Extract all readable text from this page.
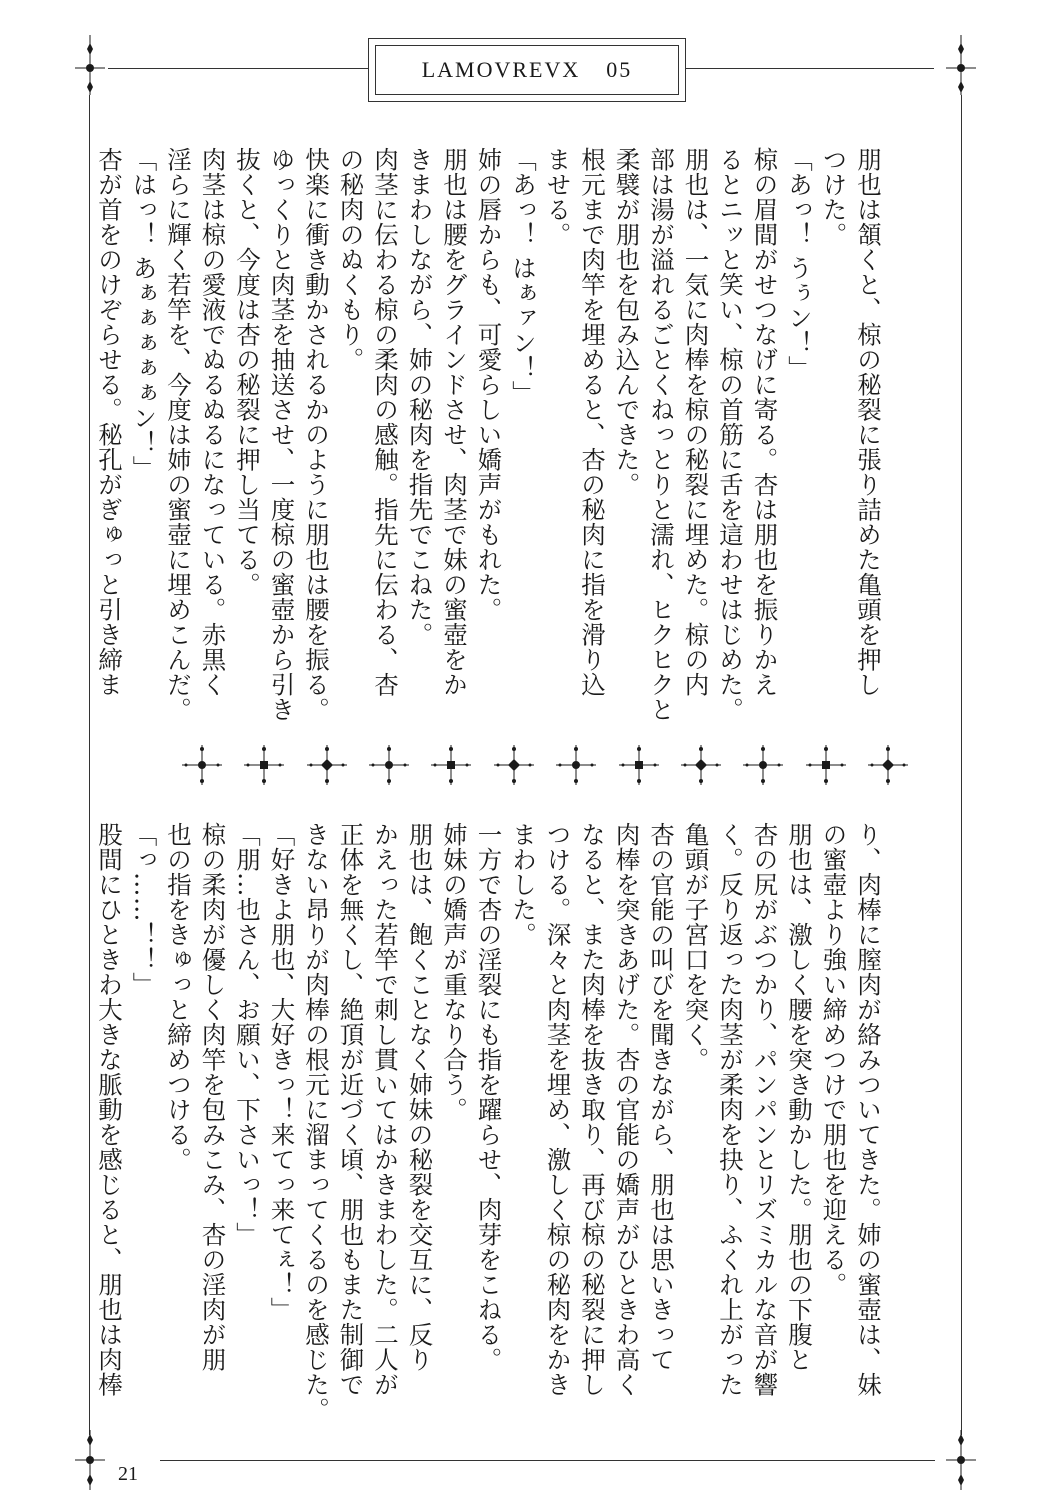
LAMOVREVX 05
朋也は頷くと、椋の秘裂に張り詰めた亀頭を押し
つけた。
「あっ！ うぅン！」
椋の眉間がせつなげに寄る。杏は朋也を振りかえ
るとニッと笑い、椋の首筋に舌を這わせはじめた。
朋也は、一気に肉棒を椋の秘裂に埋めた。椋の内
部は湯が溢れるごとくねっとりと濡れ、ヒクヒクと
柔襞が朋也を包み込んできた。
根元まで肉竿を埋めると、杏の秘肉に指を滑り込
ませる。
「あっ！ はぁァン！」
姉の唇からも、可愛らしい嬌声がもれた。
朋也は腰をグラインドさせ、肉茎で妹の蜜壺をか
きまわしながら、姉の秘肉を指先でこねた。
肉茎に伝わる椋の柔肉の感触。指先に伝わる、杏
の秘肉のぬくもり。
快楽に衝き動かされるかのように朋也は腰を振る。
ゆっくりと肉茎を抽送させ、一度椋の蜜壺から引き
抜くと、今度は杏の秘裂に押し当てる。
肉茎は椋の愛液でぬるぬるになっている。赤黒く
淫らに輝く若竿を、今度は姉の蜜壺に埋めこんだ。
「はっ！ あぁぁぁぁぁン！」
杏が首をのけぞらせる。秘孔がぎゅっと引き締ま
り、肉棒に膣肉が絡みついてきた。姉の蜜壺は、妹
の蜜壺より強い締めつけで朋也を迎える。
朋也は、激しく腰を突き動かした。朋也の下腹と
杏の尻がぶつかり、パンパンとリズミカルな音が響
く。反り返った肉茎が柔肉を抉り、ふくれ上がった
亀頭が子宮口を突く。
杏の官能の叫びを聞きながら、朋也は思いきって
肉棒を突きあげた。杏の官能の嬌声がひときわ高く
なると、また肉棒を抜き取り、再び椋の秘裂に押し
つける。深々と肉茎を埋め、激しく椋の秘肉をかき
まわした。
一方で杏の淫裂にも指を躍らせ、肉芽をこねる。
姉妹の嬌声が重なり合う。
朋也は、飽くことなく姉妹の秘裂を交互に、反り
かえった若竿で刺し貫いてはかきまわした。二人が
正体を無くし、絶頂が近づく頃、朋也もまた制御で
きない昂りが肉棒の根元に溜まってくるのを感じた。
「好きよ朋也、大好きっ！来てっ来てぇ！」
「朋…也さん、お願い、下さいっ！」
椋の柔肉が優しく肉竿を包みこみ、杏の淫肉が朋
也の指をきゅっと締めつける。
「っ……！！」
股間にひときわ大きな脈動を感じると、朋也は肉棒
21
